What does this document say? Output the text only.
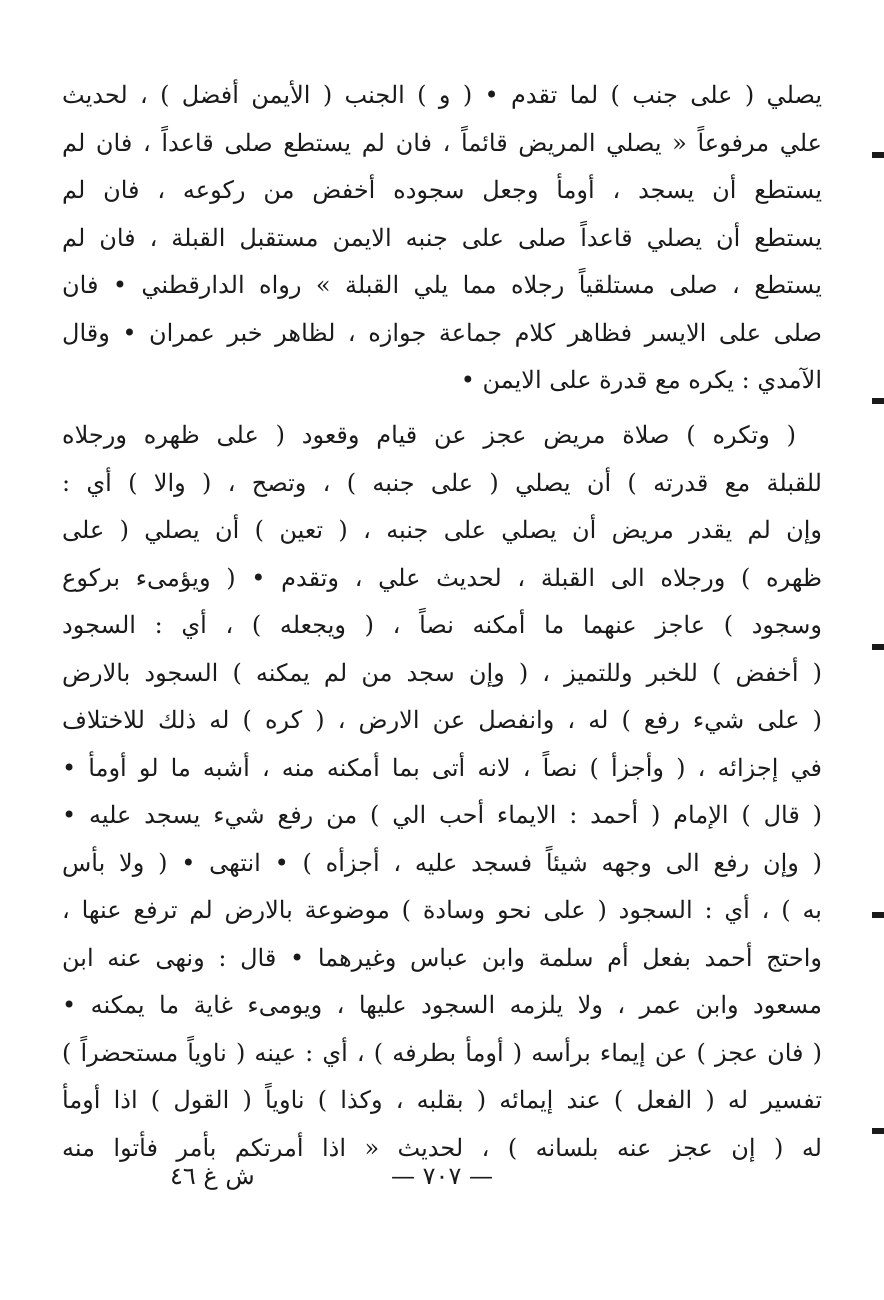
يصلي ( على جنب ) لما تقدم • ( و ) الجنب ( الأيمن أفضل ) ، لحديث
علي مرفوعاً « يصلي المريض قائماً ، فان لم يستطع صلى قاعداً ، فان لم
يستطع أن يسجد ، أومأ وجعل سجوده أخفض من ركوعه ، فان لم
يستطع أن يصلي قاعداً صلى على جنبه الايمن مستقبل القبلة ، فان لم
يستطع ، صلى مستلقياً رجلاه مما يلي القبلة » رواه الدارقطني • فان
صلى على الايسر فظاهر كلام جماعة جوازه ، لظاهر خبر عمران • وقال
الآمدي : يكره مع قدرة على الايمن •
( وتكره ) صلاة مريض عجز عن قيام وقعود ( على ظهره ورجلاه
للقبلة مع قدرته ) أن يصلي ( على جنبه ) ، وتصح ، ( والا ) أي :
وإن لم يقدر مريض أن يصلي على جنبه ، ( تعين ) أن يصلي ( على
ظهره ) ورجلاه الى القبلة ، لحديث علي ، وتقدم • ( ويؤمىء بركوع
وسجود ) عاجز عنهما ما أمكنه نصاً ، ( ويجعله ) ، أي : السجود
( أخفض ) للخبر وللتميز ، ( وإن سجد من لم يمكنه ) السجود بالارض
( على شيء رفع ) له ، وانفصل عن الارض ، ( كره ) له ذلك للاختلاف
في إجزائه ، ( وأجزأ ) نصاً ، لانه أتى بما أمكنه منه ، أشبه ما لو أومأ •
( قال ) الإمام ( أحمد : الايماء أحب الي ) من رفع شيء يسجد عليه •
( وإن رفع الى وجهه شيئاً فسجد عليه ، أجزأه ) • انتهى • ( ولا بأس
به ) ، أي : السجود ( على نحو وسادة ) موضوعة بالارض لم ترفع عنها ،
واحتج أحمد بفعل أم سلمة وابن عباس وغيرهما • قال : ونهى عنه ابن
مسعود وابن عمر ، ولا يلزمه السجود عليها ، ويومىء غاية ما يمكنه •
( فان عجز ) عن إيماء برأسه ( أومأ بطرفه ) ، أي : عينه ( ناوياً مستحضراً )
تفسير له ( الفعل ) عند إيمائه ( بقلبه ، وكذا ) ناوياً ( القول ) اذا أومأ
له ( إن عجز عنه بلسانه ) ، لحديث « اذا أمرتكم بأمر فأتوا منه
— ٧٠٧ —
ش غ ٤٦
